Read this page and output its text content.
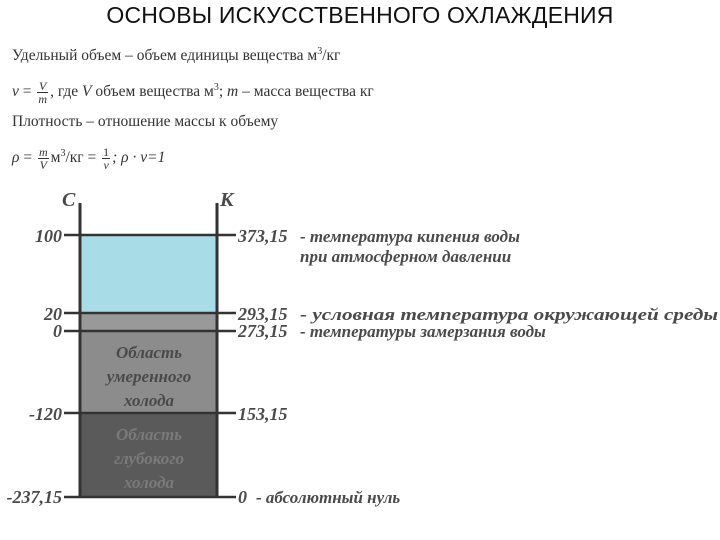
ОСНОВЫ ИСКУССТВЕННОГО ОХЛАЖДЕНИЯ
Удельный объем – объем единицы вещества $м^3/кг$
$v = \frac{V}{m}$ , где V объем вещества $м^3$; m – масса вещества кг
Плотность – отношение массы к объему
$\rho = \frac{m}{V} м^3/кг = \frac{1}{v}$ ; ρ · v=1
С	К
100
20
0
-120
-237,15
373,15
293,15
273,15
153,15
0
- температура кипения воды
при атмосферном давлении
- условная температура окружающей среды
- температуры замерзания воды
- абсолютный нуль
Область
умеренного
холода
Область
глубокого
холода
